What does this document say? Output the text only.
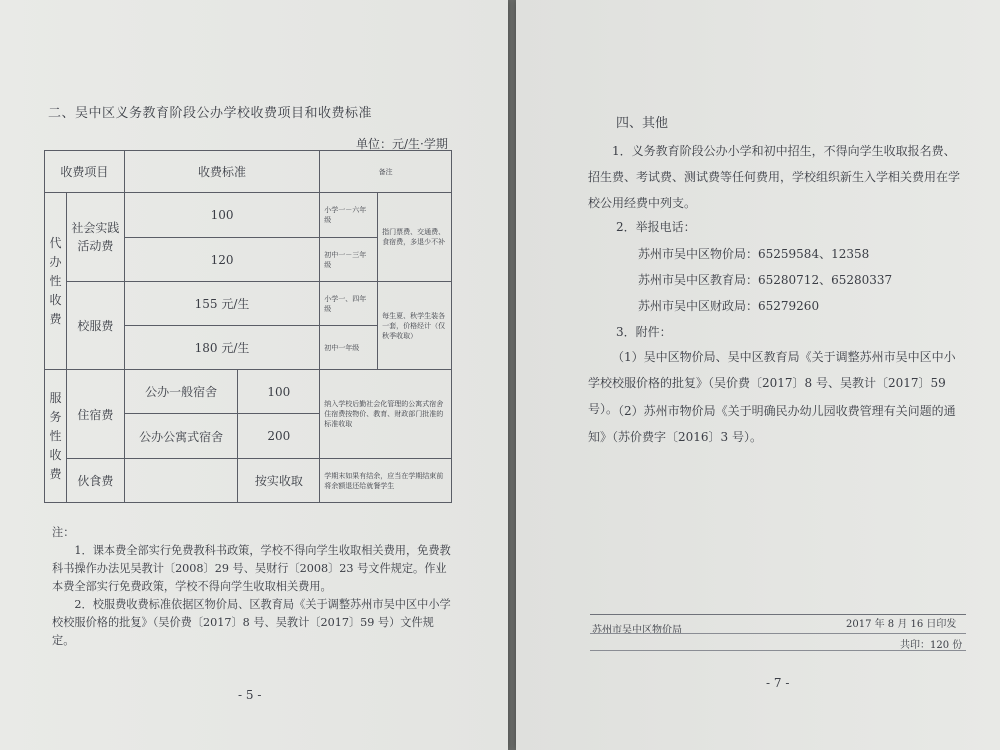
二、吴中区义务教育阶段公办学校收费项目和收费标准
单位：元/生·学期
收费项目		收费标准		备注	

代办性收费	社会实践活动费	100		小学一－六年级	指门票费、交通费、食宿费，多退少不补
		120		初中一－三年级	
	校服费	155 元/生		小学一、四年级	每生夏、秋学生装各一套，价格经计（仅秋季收取）
		180 元/生		初中一年级	

服务性收费	住宿费	公办一般宿舍	100	纳入学校后勤社会化管理的公寓式宿舍住宿费按物价、教育、财政部门批准的标准收取	
		公办公寓式宿舍	200		
	伙食费		按实收取	学期末如果有结余，应当在学期结束前将余额退还给就餐学生	

注：

1．课本费全部实行免费教科书政策，学校不得向学生收取相关费用，免费教科书操作办法见吴教计〔2008〕29 号、吴财行〔2008〕23 号文件规定。作业本费全部实行免费政策，学校不得向学生收取相关费用。

2．校服费收费标准依据区物价局、区教育局《关于调整苏州市吴中区中小学校校服价格的批复》（吴价费〔2017〕8 号、吴教计〔2017〕59 号）文件规定。

- 5 -
四、其他
1．义务教育阶段公办小学和初中招生，不得向学生收取报名费、招生费、考试费、测试费等任何费用，学校组织新生入学相关费用在学校公用经费中列支。
2．举报电话：
苏州市吴中区物价局：65259584、12358
苏州市吴中区教育局：65280712、65280337
苏州市吴中区财政局：65279260
3．附件：
（1）吴中区物价局、吴中区教育局《关于调整苏州市吴中区中小学校校服价格的批复》（吴价费〔2017〕8 号、吴教计〔2017〕59 号）。
（2）苏州市物价局《关于明确民办幼儿园收费管理有关问题的通知》（苏价费字〔2016〕3 号）。
苏州市吴中区物价局
2017 年 8 月 16 日印发
共印：120 份
- 7 -
